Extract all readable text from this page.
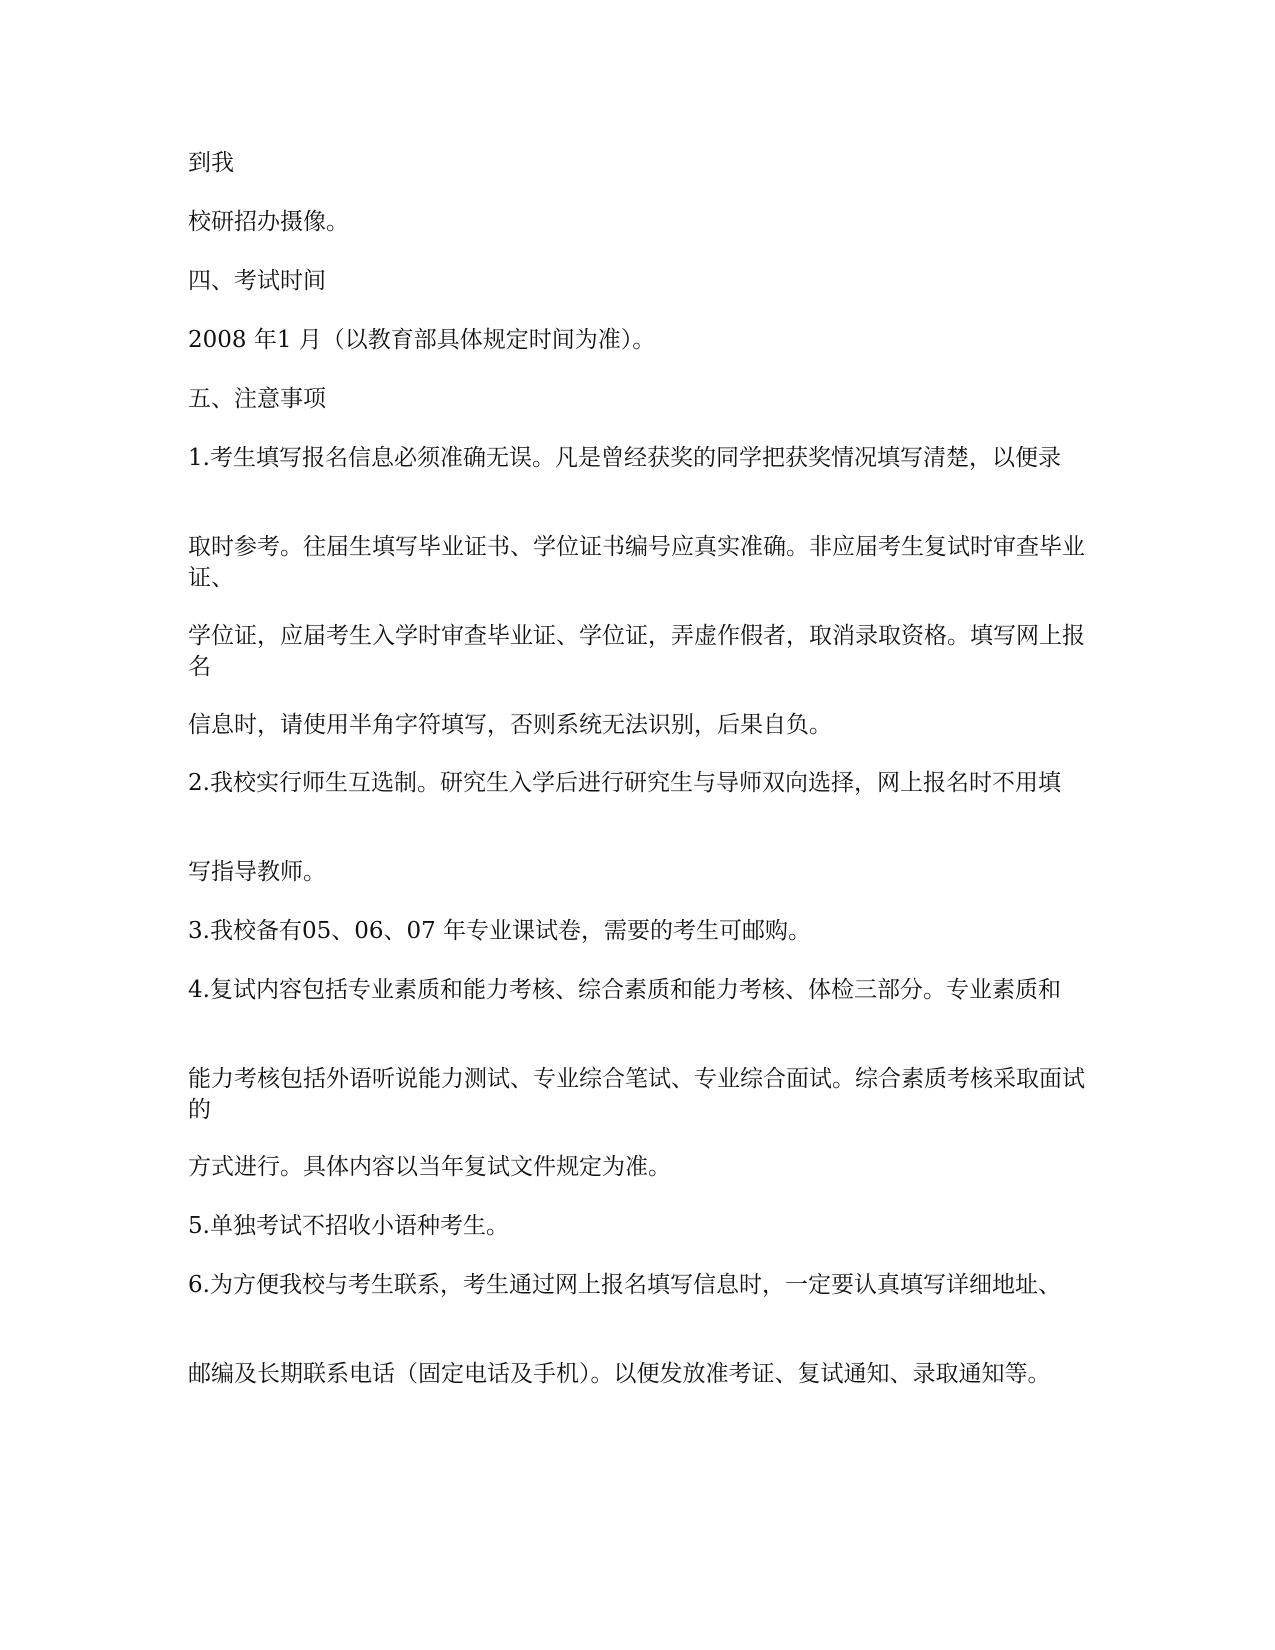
到我

校研招办摄像。

四、考试时间

2008 年1 月（以教育部具体规定时间为准）。

五、注意事项

1.考生填写报名信息必须准确无误。凡是曾经获奖的同学把获奖情况填写清楚，以便录

取时参考。往届生填写毕业证书、学位证书编号应真实准确。非应届考生复试时审查毕业证、

学位证，应届考生入学时审查毕业证、学位证，弄虚作假者，取消录取资格。填写网上报名

信息时，请使用半角字符填写，否则系统无法识别，后果自负。

2.我校实行师生互选制。研究生入学后进行研究生与导师双向选择，网上报名时不用填

写指导教师。

3.我校备有05、06、07 年专业课试卷，需要的考生可邮购。

4.复试内容包括专业素质和能力考核、综合素质和能力考核、体检三部分。专业素质和

能力考核包括外语听说能力测试、专业综合笔试、专业综合面试。综合素质考核采取面试的

方式进行。具体内容以当年复试文件规定为准。

5.单独考试不招收小语种考生。

6.为方便我校与考生联系，考生通过网上报名填写信息时，一定要认真填写详细地址、

邮编及长期联系电话（固定电话及手机）。以便发放准考证、复试通知、录取通知等。
